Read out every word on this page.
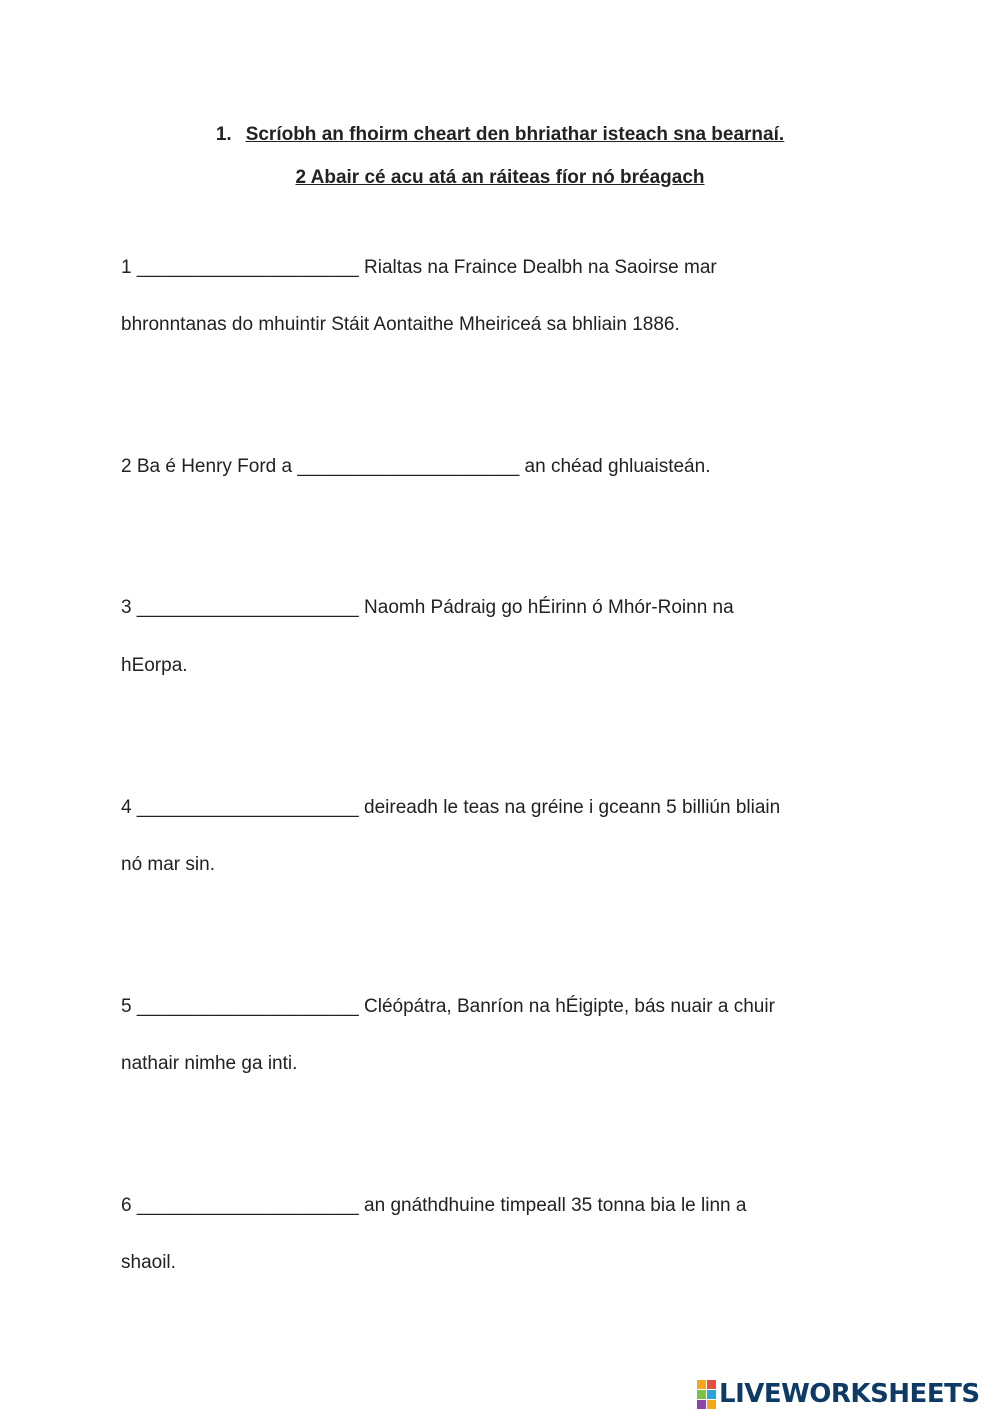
1. Scríobh an fhoirm cheart den bhriathar isteach sna bearnaí.
2 Abair cé acu atá an ráiteas fíor nó bréagach
1 _____________________ Rialtas na Fraince Dealbh na Saoirse mar
bhronntanas do mhuintir Stáit Aontaithe Mheiriceá sa bhliain 1886.
2 Ba é Henry Ford a _____________________ an chéad ghluaisteán.
3 _____________________ Naomh Pádraig go hÉirinn ó Mhór-Roinn na
hEorpa.
4 _____________________ deireadh le teas na gréine i gceann 5 billiún bliain
nó mar sin.
5 _____________________ Cléópátra, Banríon na hÉigipte, bás nuair a chuir
nathair nimhe ga inti.
6 _____________________ an gnáthdhuine timpeall 35 tonna bia le linn a
shaoil.
LIVEWORKSHEETS
